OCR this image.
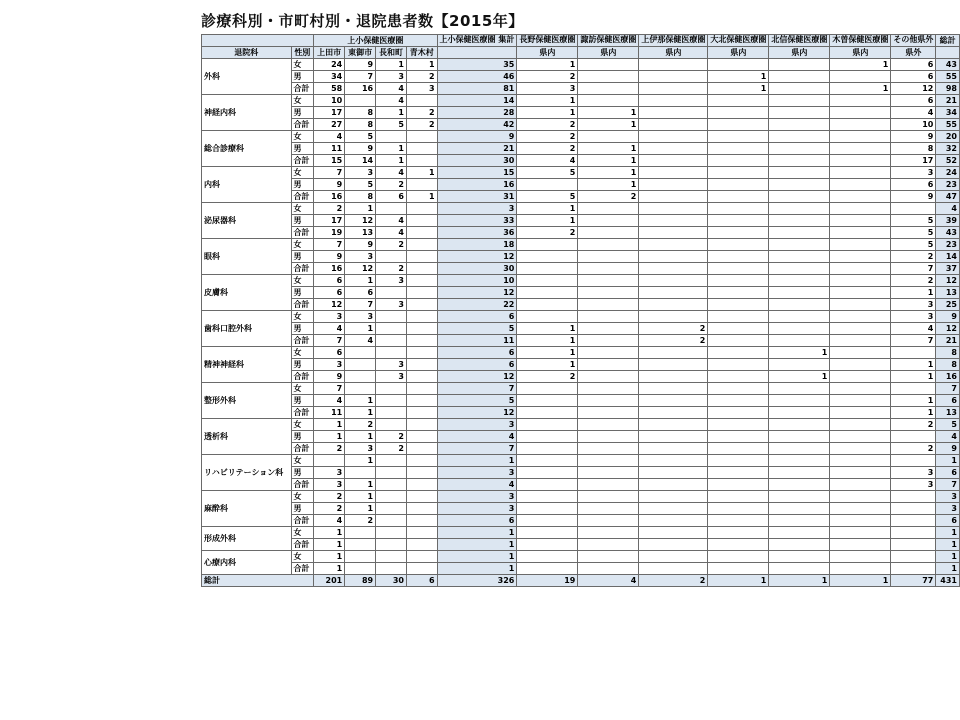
診療科別・市町村別・退院患者数【2015年】
		上小保健医療圏				上小保健医療圏 集計	長野保健医療圏	諏訪保健医療圏	上伊那保健医療圏	大北保健医療圏	北信保健医療圏	木曽保健医療圏	その他県外	総計
退院科	性別	上田市	東御市	長和町	青木村		県内	県内	県内	県内	県内	県内	県外	
外科	女	24	9	1	1	35	1					1	6	43
	男	34	7	3	2	46	2			1			6	55
	合計	58	16	4	3	81	3			1		1	12	98
神経内科	女	10		4		14	1						6	21
	男	17	8	1	2	28	1	1					4	34
	合計	27	8	5	2	42	2	1					10	55
総合診療科	女	4	5			9	2						9	20
	男	11	9	1		21	2	1					8	32
	合計	15	14	1		30	4	1					17	52
内科	女	7	3	4	1	15	5	1					3	24
	男	9	5	2		16		1					6	23
	合計	16	8	6	1	31	5	2					9	47
泌尿器科	女	2	1			3	1							4
	男	17	12	4		33	1						5	39
	合計	19	13	4		36	2						5	43
眼科	女	7	9	2		18							5	23
	男	9	3			12							2	14
	合計	16	12	2		30							7	37
皮膚科	女	6	1	3		10							2	12
	男	6	6			12							1	13
	合計	12	7	3		22							3	25
歯科口腔外科	女	3	3			6							3	9
	男	4	1			5	1		2				4	12
	合計	7	4			11	1		2				7	21
精神神経科	女	6				6	1				1			8
	男	3		3		6	1						1	8
	合計	9		3		12	2				1		1	16
整形外科	女	7				7								7
	男	4	1			5							1	6
	合計	11	1			12							1	13
透析科	女	1	2			3							2	5
	男	1	1	2		4								4
	合計	2	3	2		7							2	9
リハビリテーション科	女		1			1								1
	男	3				3							3	6
	合計	3	1			4							3	7
麻酔科	女	2	1			3								3
	男	2	1			3								3
	合計	4	2			6								6
形成外科	女	1				1								1
	合計	1				1								1
心療内科	女	1				1								1
	合計	1				1								1
総計		201	89	30	6	326	19	4	2	1	1	1	77	431
